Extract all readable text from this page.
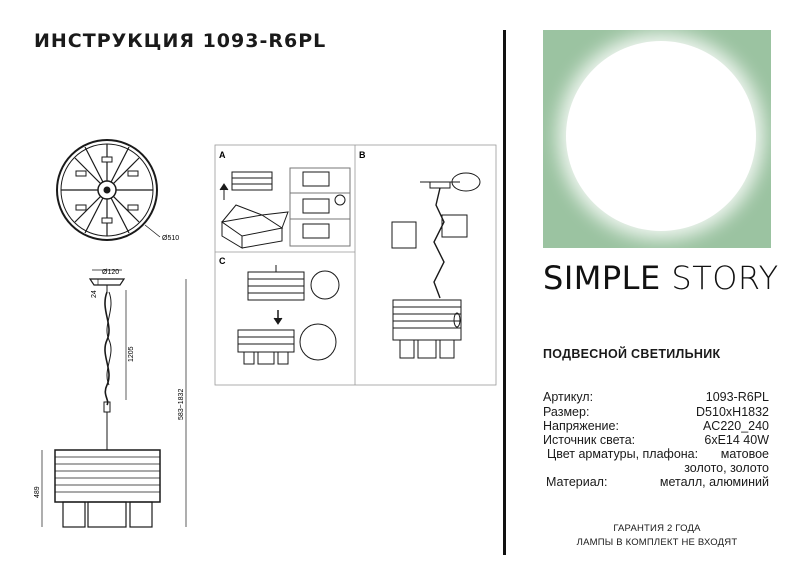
ИНСТРУКЦИЯ 1093-R6PL
Ø510
Ø120
24
1205
583~1832
489
A
C
B
SIMPLE STORY
ПОДВЕСНОЙ СВЕТИЛЬНИК
Артикул:	1093-R6PL
Размер:	D510xH1832
Напряжение:	AC220_240
Источник света:	6xE14 40W
Цвет арматуры, плафона: матовое
золото, золото
Материал:	металл, алюминий
ГАРАНТИЯ 2 ГОДА
ЛАМПЫ В КОМПЛЕКТ НЕ ВХОДЯТ
